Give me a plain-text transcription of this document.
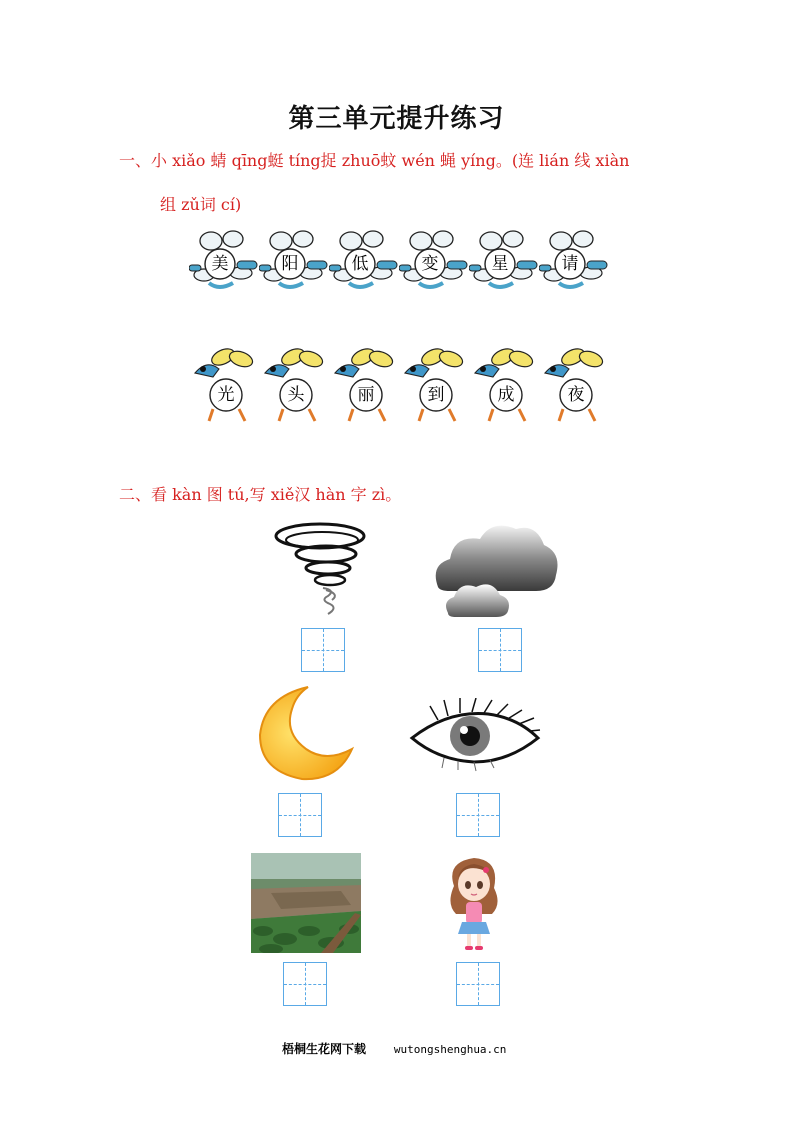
第三单元提升练习
一、小 xiǎo 蜻 qīng蜓 tíng捉 zhuō蚊 wén 蝇 yíng。(连 lián 线 xiàn
组 zǔ词 cí)
美	阳	低	变	星	请
光	头	丽	到	成	夜
二、看 kàn 图 tú,写 xiě汉 hàn 字 zì。
梧桐生花网下载	wutongshenghua.cn
